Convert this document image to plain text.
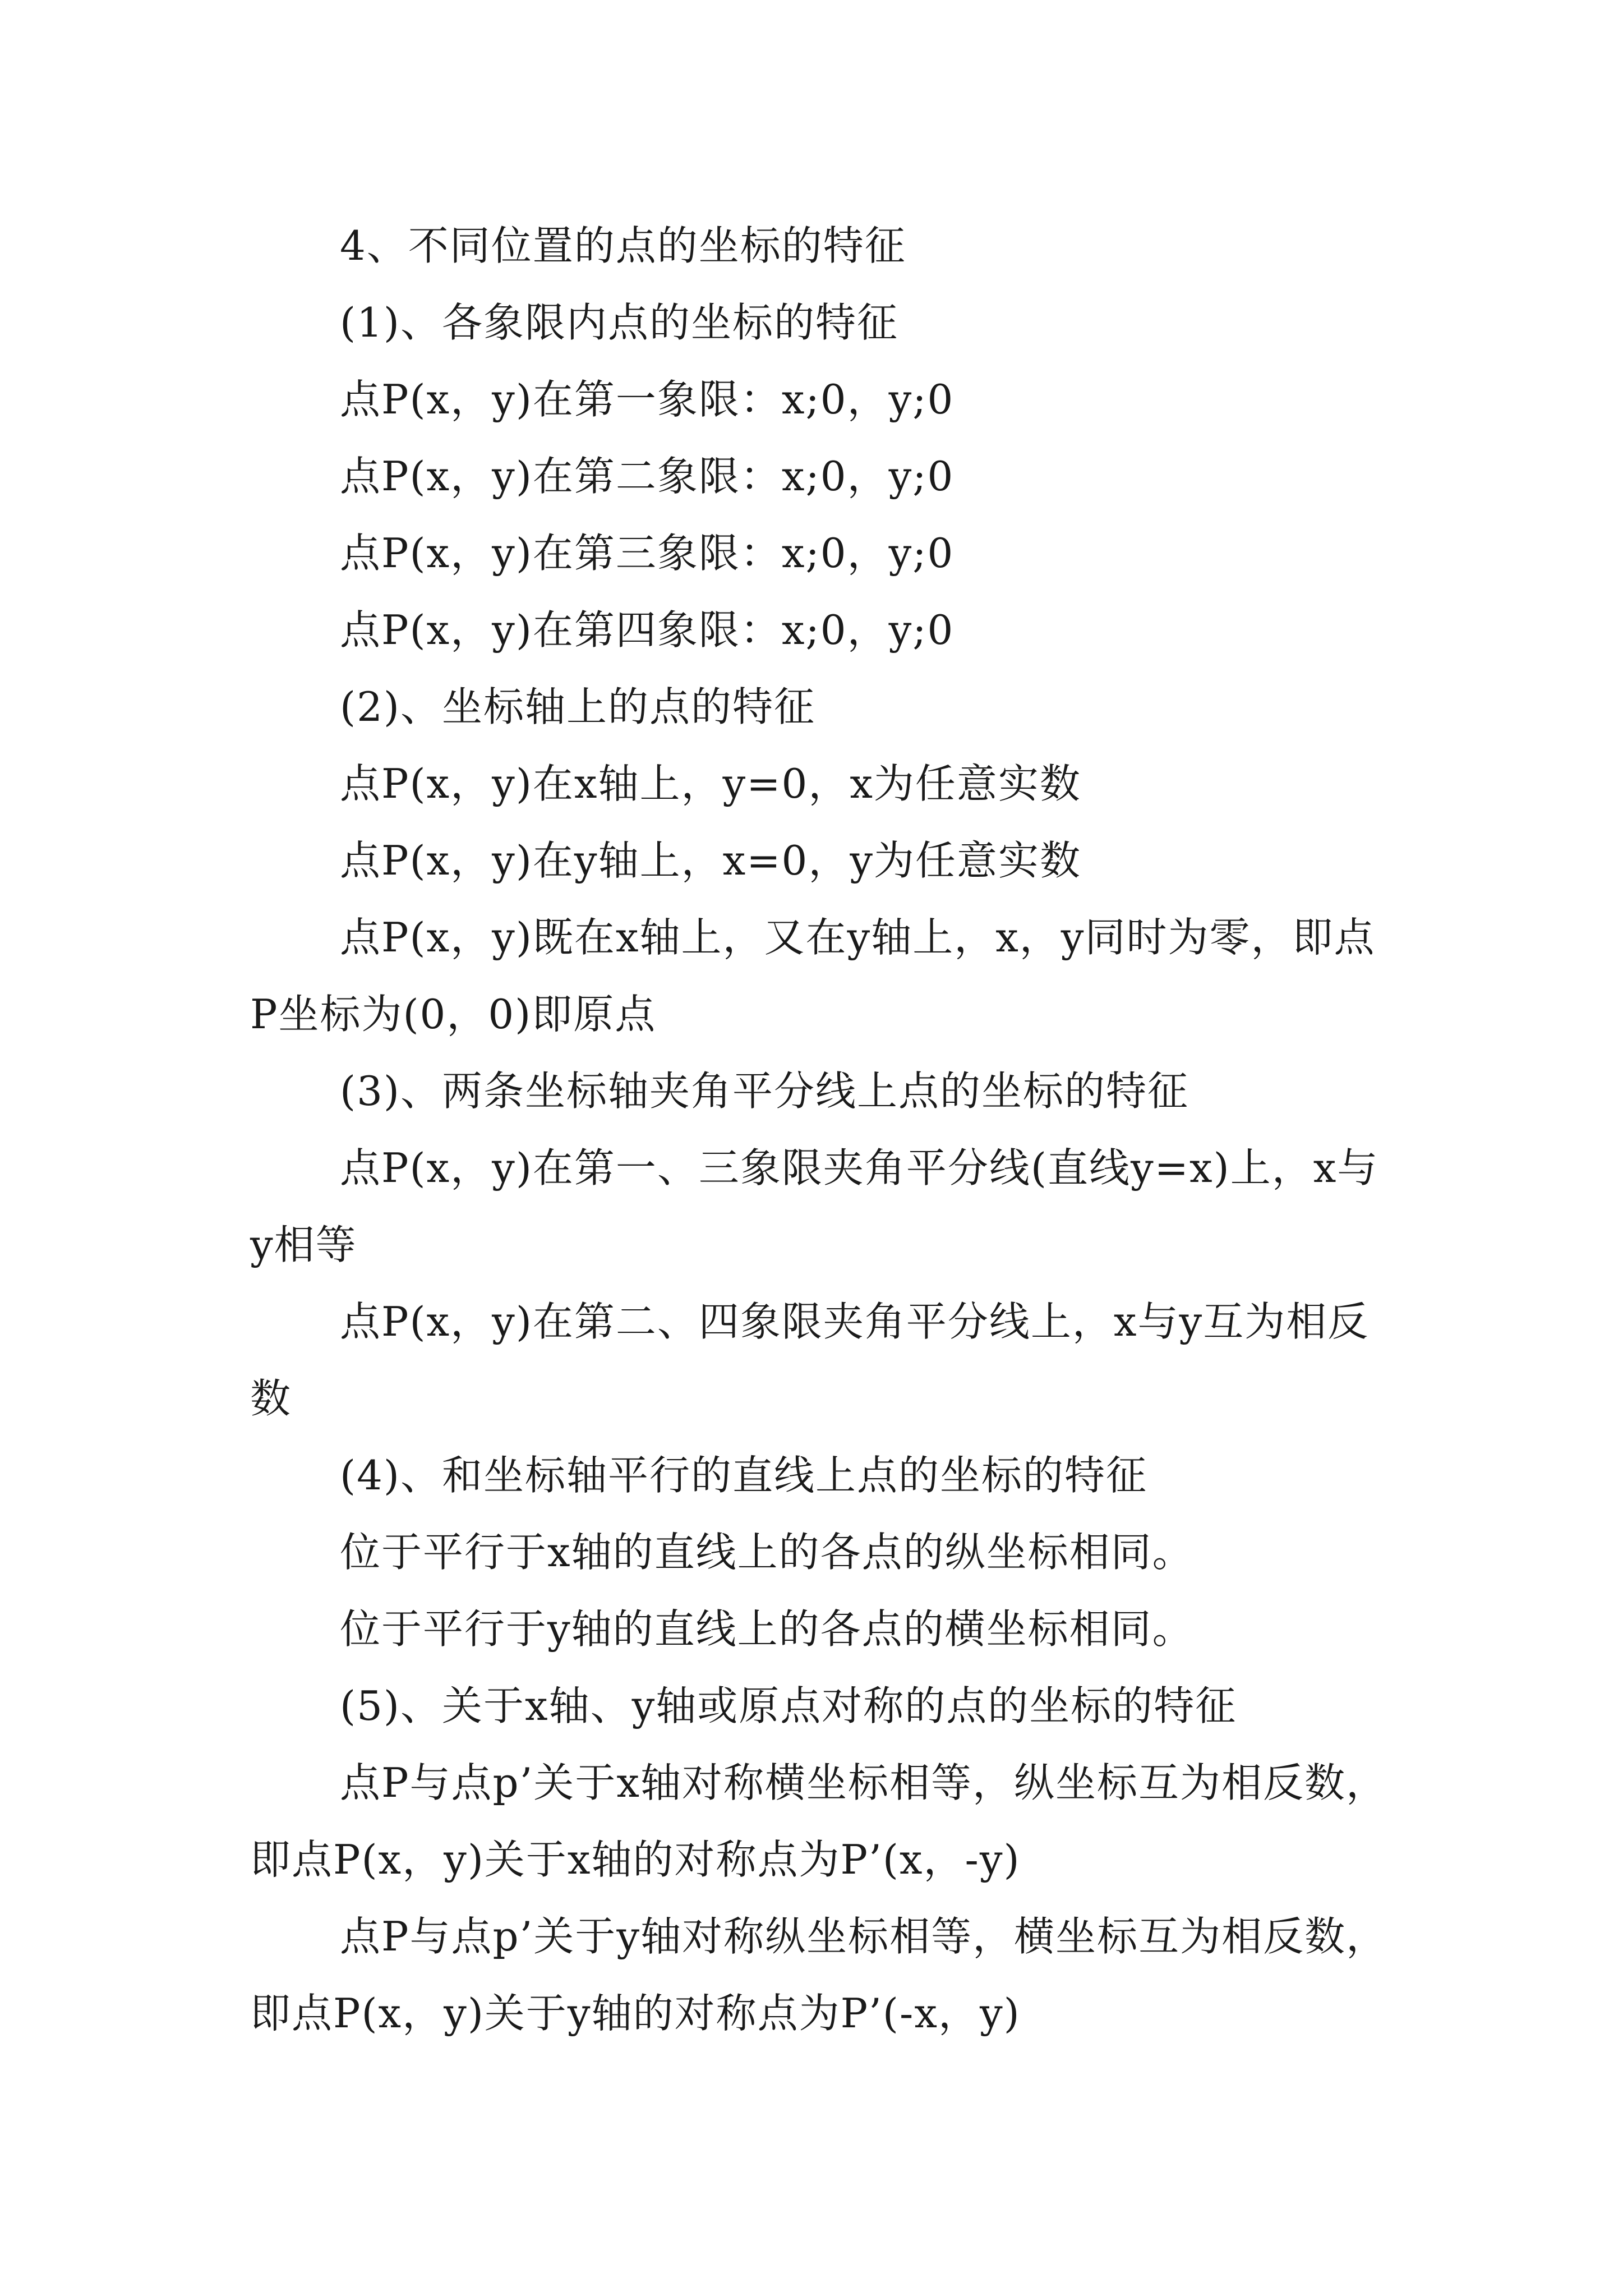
4、不同位置的点的坐标的特征

(1)、各象限内点的坐标的特征

点P(x，y)在第一象限：x;0，y;0

点P(x，y)在第二象限：x;0，y;0

点P(x，y)在第三象限：x;0，y;0

点P(x，y)在第四象限：x;0，y;0

(2)、坐标轴上的点的特征

点P(x，y)在x轴上，y=0，x为任意实数

点P(x，y)在y轴上，x=0，y为任意实数

点P(x，y)既在x轴上，又在y轴上，x，y同时为零，即点P坐标为(0，0)即原点

(3)、两条坐标轴夹角平分线上点的坐标的特征

点P(x，y)在第一、三象限夹角平分线(直线y=x)上，x与y相等

点P(x，y)在第二、四象限夹角平分线上，x与y互为相反数

(4)、和坐标轴平行的直线上点的坐标的特征

位于平行于x轴的直线上的各点的纵坐标相同。

位于平行于y轴的直线上的各点的横坐标相同。

(5)、关于x轴、y轴或原点对称的点的坐标的特征

点P与点p’关于x轴对称横坐标相等，纵坐标互为相反数，即点P(x，y)关于x轴的对称点为P’(x，-y)

点P与点p’关于y轴对称纵坐标相等，横坐标互为相反数，即点P(x，y)关于y轴的对称点为P’(-x，y)
